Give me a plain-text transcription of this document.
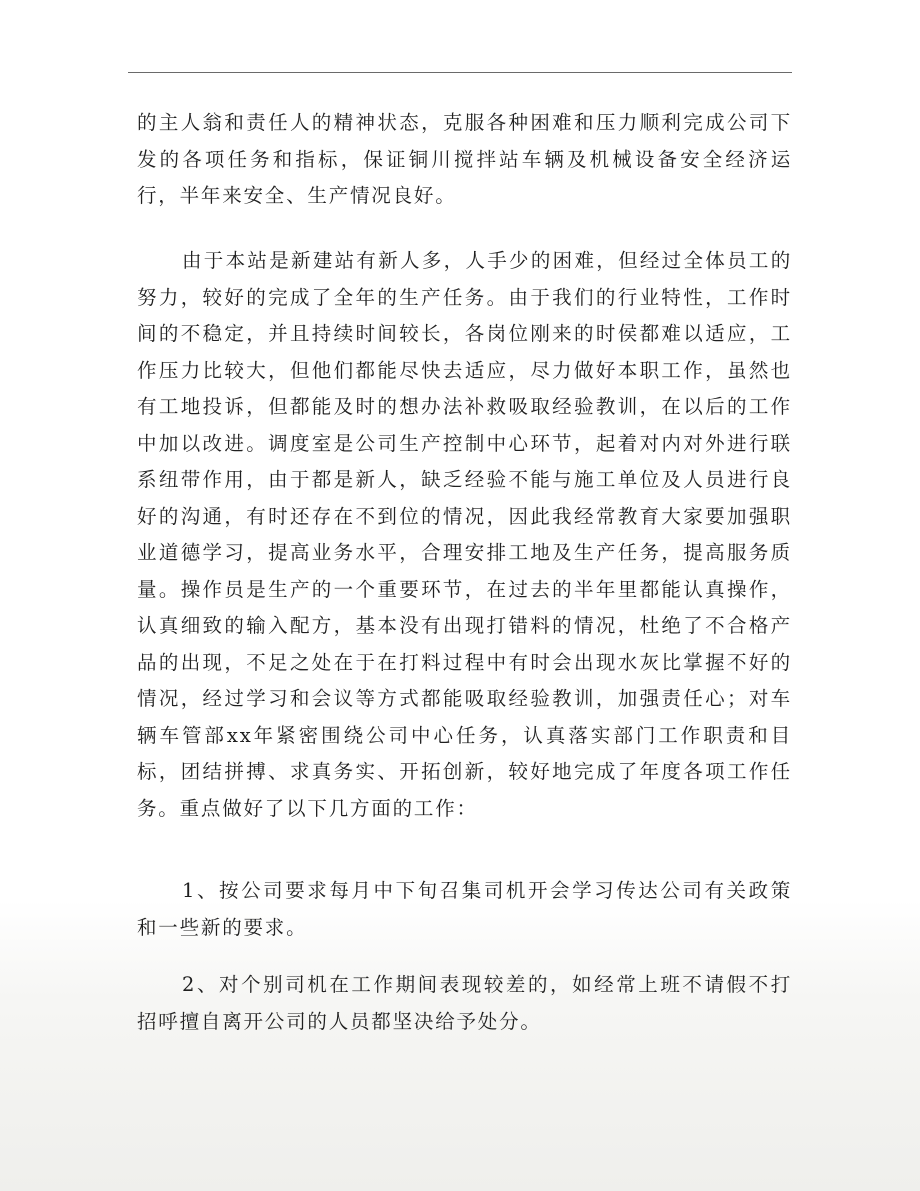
的主人翁和责任人的精神状态，克服各种困难和压力顺利完成公司下发的各项任务和指标，保证铜川搅拌站车辆及机械设备安全经济运行，半年来安全、生产情况良好。

由于本站是新建站有新人多，人手少的困难，但经过全体员工的努力，较好的完成了全年的生产任务。由于我们的行业特性，工作时间的不稳定，并且持续时间较长，各岗位刚来的时侯都难以适应，工作压力比较大，但他们都能尽快去适应，尽力做好本职工作，虽然也有工地投诉，但都能及时的想办法补救吸取经验教训，在以后的工作中加以改进。调度室是公司生产控制中心环节，起着对内对外进行联系纽带作用，由于都是新人，缺乏经验不能与施工单位及人员进行良好的沟通，有时还存在不到位的情况，因此我经常教育大家要加强职业道德学习，提高业务水平，合理安排工地及生产任务，提高服务质量。操作员是生产的一个重要环节，在过去的半年里都能认真操作，认真细致的输入配方，基本没有出现打错料的情况，杜绝了不合格产品的出现，不足之处在于在打料过程中有时会出现水灰比掌握不好的情况，经过学习和会议等方式都能吸取经验教训，加强责任心；对车辆车管部xx年紧密围绕公司中心任务，认真落实部门工作职责和目标，团结拼搏、求真务实、开拓创新，较好地完成了年度各项工作任务。重点做好了以下几方面的工作：

1、按公司要求每月中下旬召集司机开会学习传达公司有关政策和一些新的要求。

2、对个别司机在工作期间表现较差的，如经常上班不请假不打招呼擅自离开公司的人员都坚决给予处分。
